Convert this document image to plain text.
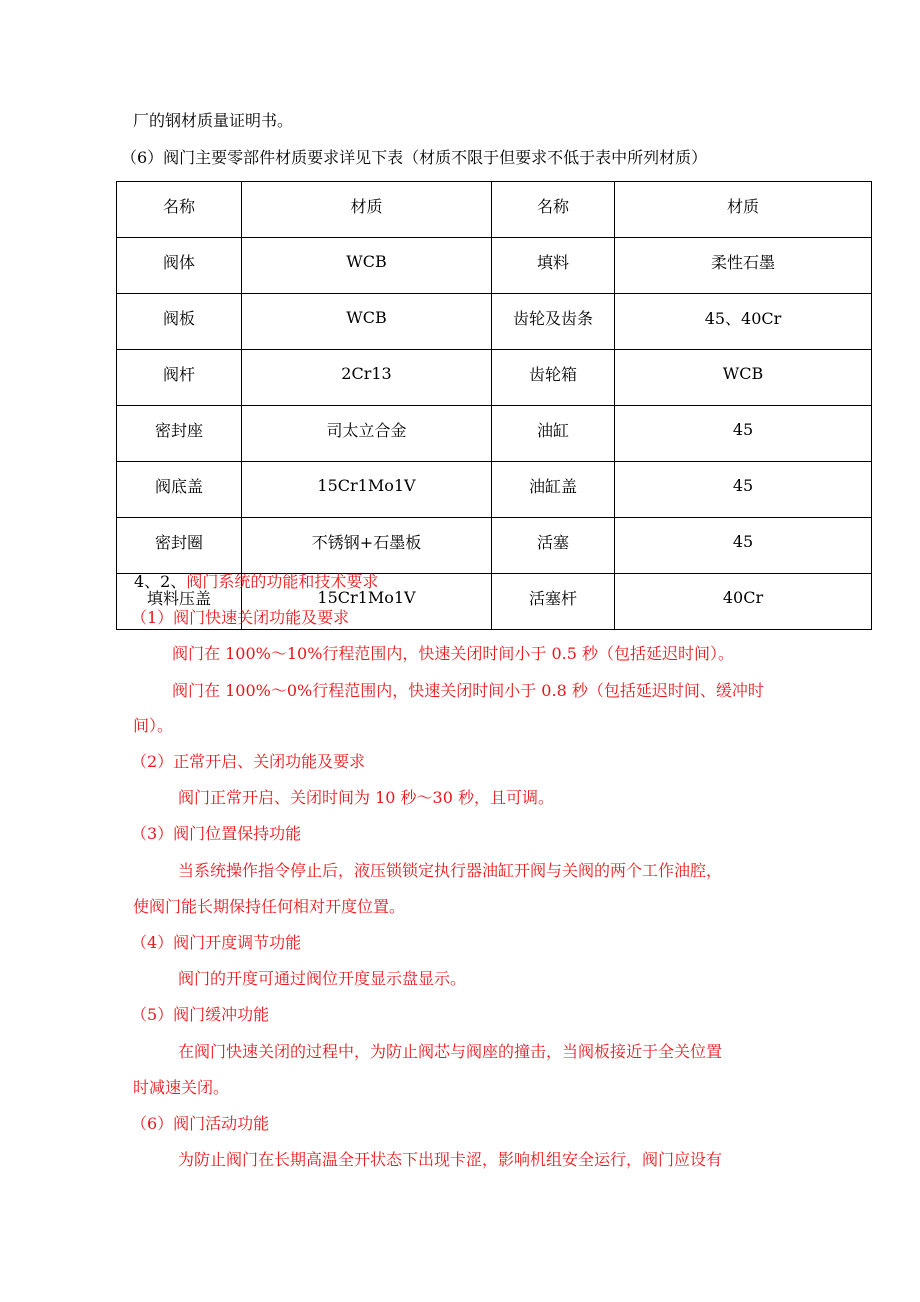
厂的钢材质量证明书。
（6）阀门主要零部件材质要求详见下表（材质不限于但要求不低于表中所列材质）
名称	材质	名称	材质
阀体	WCB	填料	柔性石墨
阀板	WCB	齿轮及齿条	45、40Cr
阀杆	2Cr13	齿轮箱	WCB
密封座	司太立合金	油缸	45
阀底盖	15Cr1Mo1V	油缸盖	45
密封圈	不锈钢+石墨板	活塞	45
填料压盖	15Cr1Mo1V	活塞杆	40Cr
4、2、阀门系统的功能和技术要求
（1）阀门快速关闭功能及要求
阀门在 100%～10%行程范围内，快速关闭时间小于 0.5 秒（包括延迟时间）。
阀门在 100%～0%行程范围内，快速关闭时间小于 0.8 秒（包括延迟时间、缓冲时
间）。
（2）正常开启、关闭功能及要求
阀门正常开启、关闭时间为 10 秒～30 秒，且可调。
（3）阀门位置保持功能
当系统操作指令停止后，液压锁锁定执行器油缸开阀与关阀的两个工作油腔，
使阀门能长期保持任何相对开度位置。
（4）阀门开度调节功能
阀门的开度可通过阀位开度显示盘显示。
（5）阀门缓冲功能
在阀门快速关闭的过程中，为防止阀芯与阀座的撞击，当阀板接近于全关位置
时减速关闭。
（6）阀门活动功能
为防止阀门在长期高温全开状态下出现卡涩，影响机组安全运行，阀门应设有
